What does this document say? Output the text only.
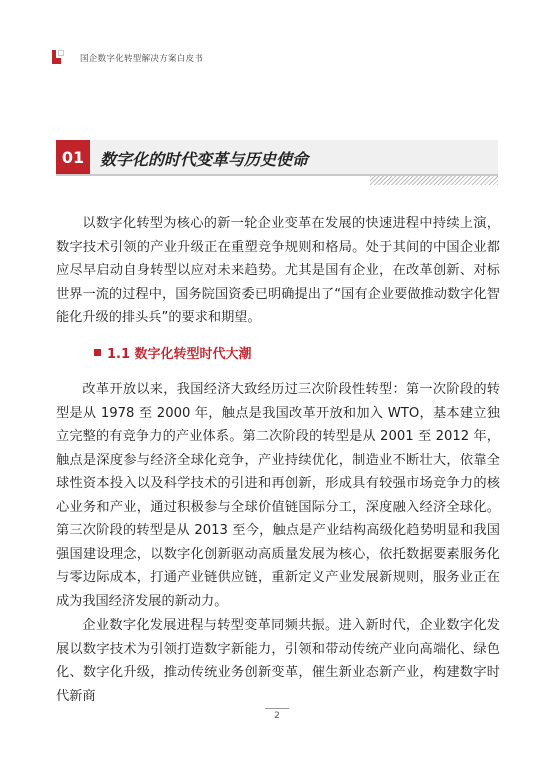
国企数字化转型解决方案白皮书
01 数字化的时代变革与历史使命

以数字化转型为核心的新一轮企业变革在发展的快速进程中持续上演，数字技术引领的产业升级正在重塑竞争规则和格局。处于其间的中国企业都应尽早启动自身转型以应对未来趋势。尤其是国有企业，在改革创新、对标世界一流的过程中，国务院国资委已明确提出了“国有企业要做推动数字化智能化升级的排头兵”的要求和期望。

1.1 数字化转型时代大潮

改革开放以来，我国经济大致经历过三次阶段性转型：第一次阶段的转型是从 1978 至 2000 年，触点是我国改革开放和加入 WTO，基本建立独立完整的有竞争力的产业体系。第二次阶段的转型是从 2001 至 2012 年，触点是深度参与经济全球化竞争，产业持续优化，制造业不断壮大，依靠全球性资本投入以及科学技术的引进和再创新，形成具有较强市场竞争力的核心业务和产业，通过积极参与全球价值链国际分工，深度融入经济全球化。第三次阶段的转型是从 2013 至今，触点是产业结构高级化趋势明显和我国强国建设理念，以数字化创新驱动高质量发展为核心，依托数据要素服务化与零边际成本，打通产业链供应链，重新定义产业发展新规则，服务业正在成为我国经济发展的新动力。

企业数字化发展进程与转型变革同频共振。进入新时代，企业数字化发展以数字技术为引领打造数字新能力，引领和带动传统产业向高端化、绿色化、数字化升级，推动传统业务创新变革，催生新业态新产业，构建数字时代新商

2
